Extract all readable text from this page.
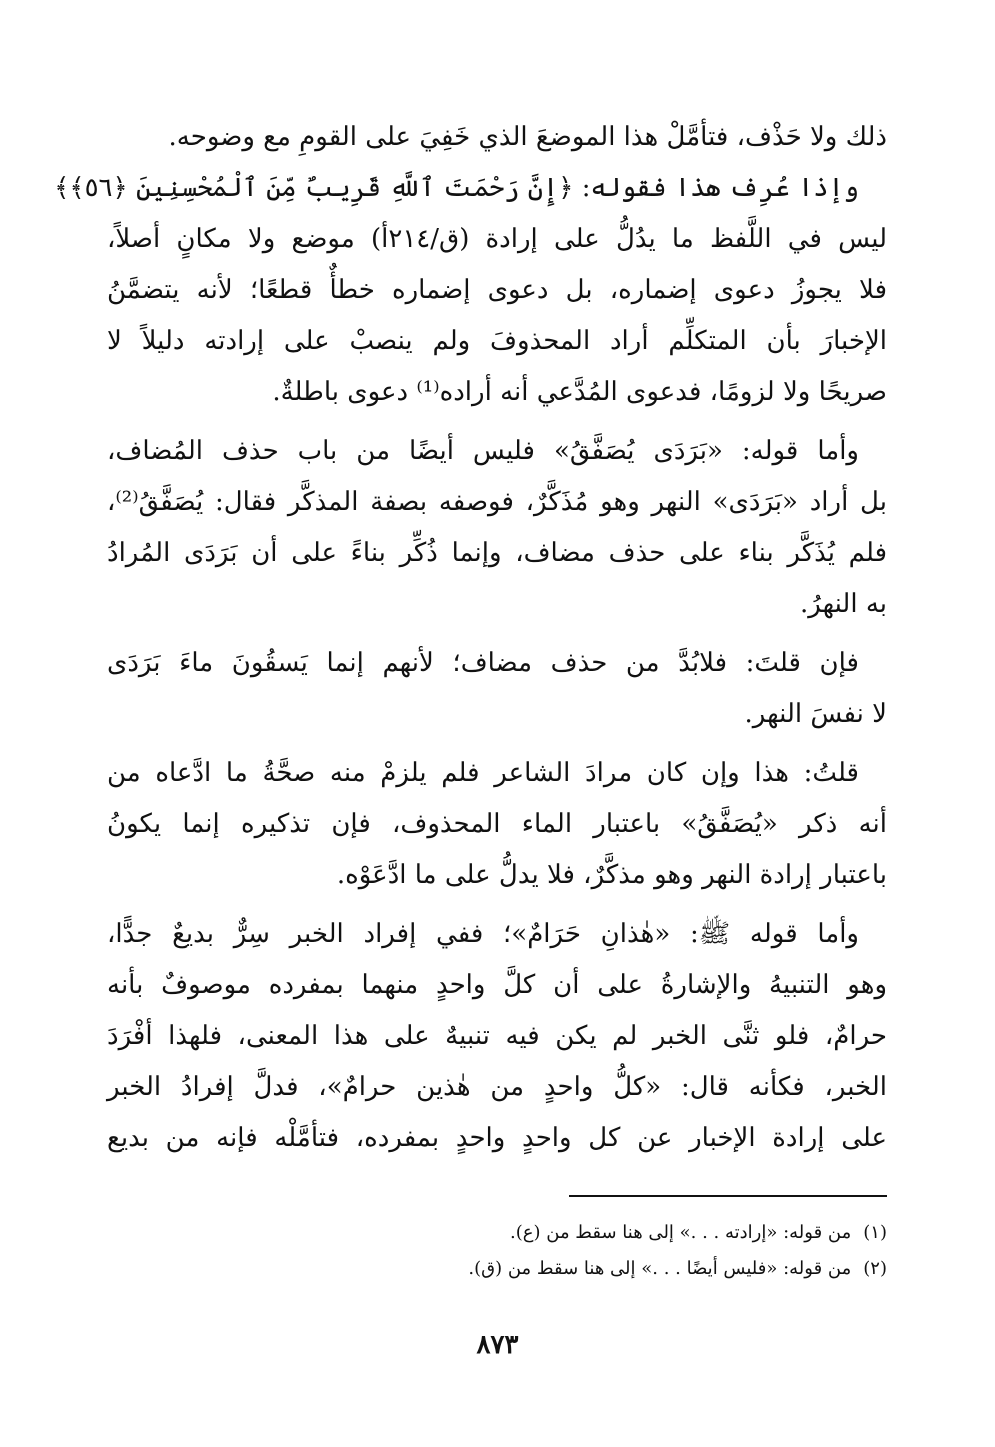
ذلك ولا حَذْف، فتأمَّلْ هذا الموضعَ الذي خَفِيَ على القومِ مع وضوحه.
وإذا عُرِف هذا فقوله: ﴿إِنَّ رَحْمَتَ ٱللَّهِ قَرِيبٌ مِّنَ ٱلْمُحْسِنِينَ ﴿٥٦﴾﴾
ليس في اللَّفظ ما يدُلُّ على إرادة (ق/٢١٤أ) موضع ولا مكانٍ أصلاً،
فلا يجوزُ دعوى إضماره، بل دعوى إضماره خطأٌ قطعًا؛ لأنه يتضمَّنُ
الإخبارَ بأن المتكلِّم أراد المحذوفَ ولم ينصبْ على إرادته دليلاً لا
صريحًا ولا لزومًا، فدعوى المُدَّعي أنه أراده⁽¹⁾ دعوى باطلةٌ.
وأما قوله: «بَرَدَى يُصَفَّقُ» فليس أيضًا من باب حذف المُضاف،
بل أراد «بَرَدَى» النهر وهو مُذَكَّرٌ، فوصفه بصفة المذكَّر فقال: يُصَفَّقُ⁽²⁾،
فلم يُذَكَّر بناء على حذف مضاف، وإنما ذُكِّر بناءً على أن بَرَدَى المُرادُ
به النهرُ.
فإن قلتَ: فلابُدَّ من حذف مضاف؛ لأنهم إنما يَسقُونَ ماءَ بَرَدَى
لا نفسَ النهر.
قلتُ: هذا وإن كان مرادَ الشاعر فلم يلزمْ منه صحَّةُ ما ادَّعاه من
أنه ذكر «يُصَفَّقُ» باعتبار الماء المحذوف، فإن تذكيره إنما يكونُ
باعتبار إرادة النهر وهو مذكَّرٌ، فلا يدلُّ على ما ادَّعَوْه.
وأما قوله ﷺ: «هٰذانِ حَرَامٌ»؛ ففي إفراد الخبر سِرٌّ بديعٌ جدًّا،
وهو التنبيهُ والإشارةُ على أن كلَّ واحدٍ منهما بمفرده موصوفٌ بأنه
حرامٌ، فلو ثنَّى الخبر لم يكن فيه تنبيهٌ على هذا المعنى، فلهذا أفْرَدَ
الخبر، فكأنه قال: «كلُّ واحدٍ من هٰذين حرامٌ»، فدلَّ إفرادُ الخبر
على إرادة الإخبار عن كل واحدٍ واحدٍ بمفرده، فتأمَّلْه فإنه من بديع
(١)من قوله: «إرادته . . .» إلى هنا سقط من (ع).
(٢)من قوله: «فليس أيضًا . . .» إلى هنا سقط من (ق).
٨٧٣
